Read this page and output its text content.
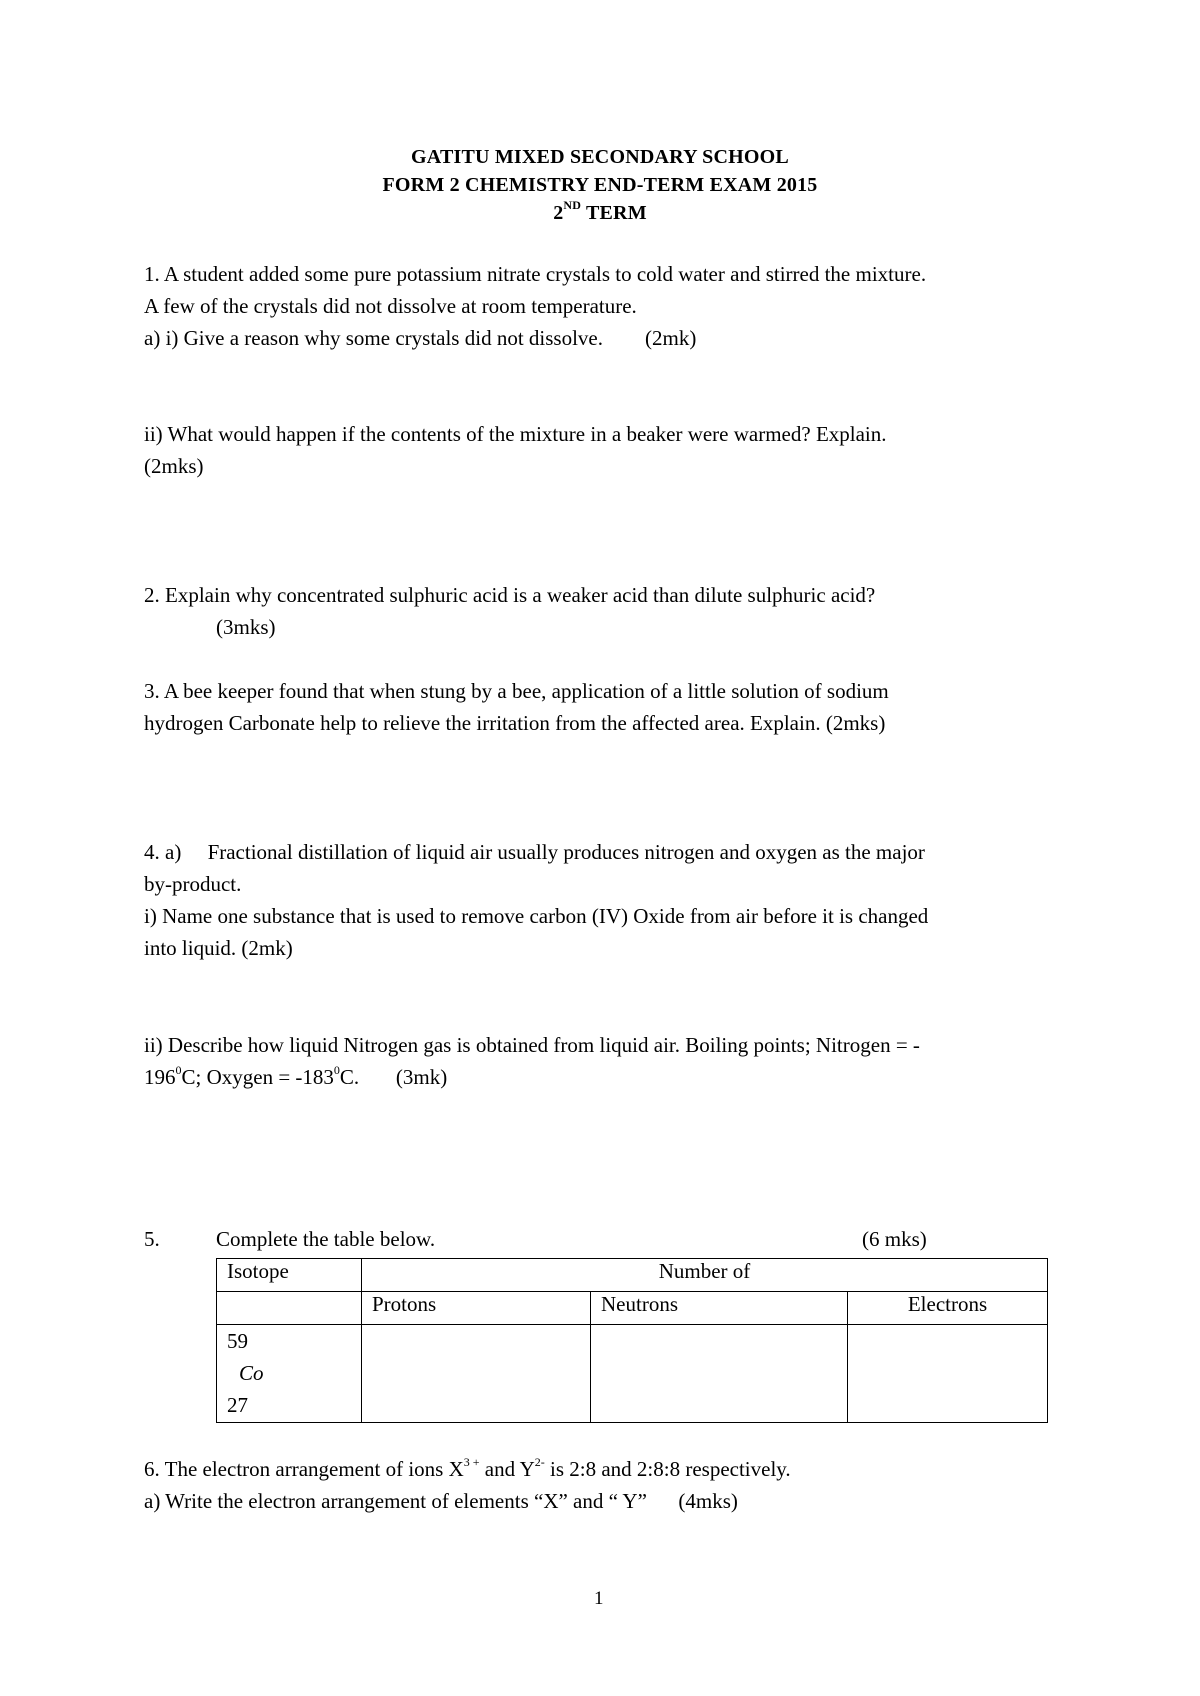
GATITU MIXED SECONDARY SCHOOL
FORM 2 CHEMISTRY END-TERM EXAM 2015
2ND TERM
1. A student added some pure potassium nitrate crystals to cold water and stirred the mixture.
A few of the crystals did not dissolve at room temperature.
a) i) Give a reason why some crystals did not dissolve.        (2mk)
ii) What would happen if the contents of the mixture in a beaker were warmed? Explain.
(2mks)
2. Explain why concentrated sulphuric acid is a weaker acid than dilute sulphuric acid?
(3mks)
3. A bee keeper found that when stung by a bee, application of a little solution of sodium
hydrogen Carbonate help to relieve the irritation from the affected area. Explain. (2mks)
4. a)     Fractional distillation of liquid air usually produces nitrogen and oxygen as the major
by-product.
i) Name one substance that is used to remove carbon (IV) Oxide from air before it is changed
into liquid. (2mk)
ii) Describe how liquid Nitrogen gas is obtained from liquid air. Boiling points; Nitrogen = -
$196^0C$; Oxygen = $-183^0C$.       (3mk)
5.	Complete the table below.	(6 mks)
Isotope	Number of		
	Protons	Neutrons	Electrons

59
Co
27			

6. The electron arrangement of ions $X^{3 +}$ and $Y^{2-}$ is 2:8 and 2:8:8 respectively.
a) Write the electron arrangement of elements “X” and “ Y”      (4mks)
1
